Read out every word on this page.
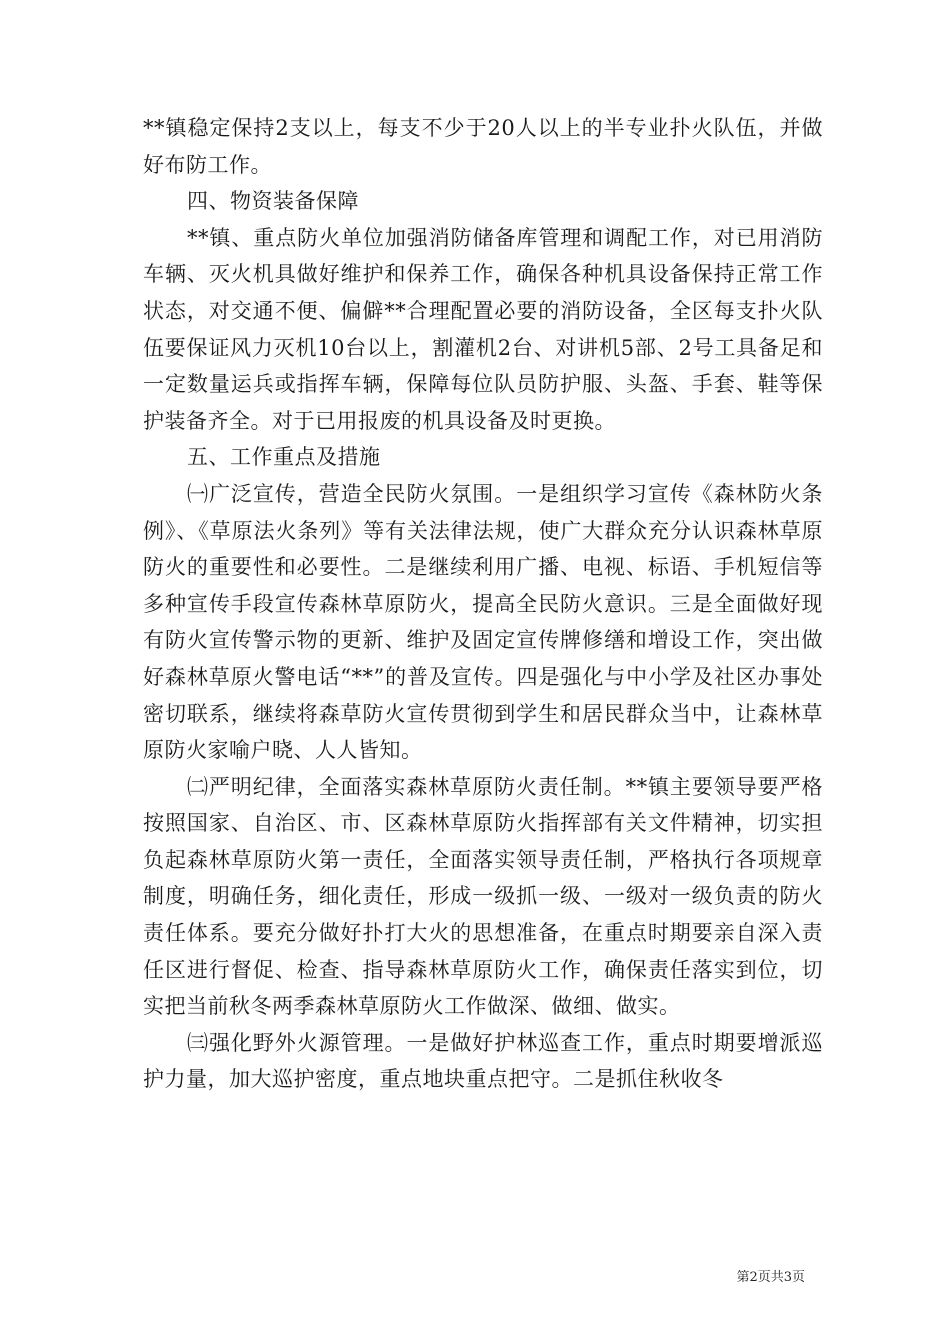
**镇稳定保持2支以上，每支不少于20人以上的半专业扑火队伍，并做好布防工作。

四、物资装备保障

**镇、重点防火单位加强消防储备库管理和调配工作，对已用消防车辆、灭火机具做好维护和保养工作，确保各种机具设备保持正常工作状态，对交通不便、偏僻**合理配置必要的消防设备，全区每支扑火队伍要保证风力灭机10台以上，割灌机2台、对讲机5部、2号工具备足和一定数量运兵或指挥车辆，保障每位队员防护服、头盔、手套、鞋等保护装备齐全。对于已用报废的机具设备及时更换。

五、工作重点及措施

㈠广泛宣传，营造全民防火氛围。一是组织学习宣传《森林防火条例》、《草原法火条列》等有关法律法规，使广大群众充分认识森林草原防火的重要性和必要性。二是继续利用广播、电视、标语、手机短信等多种宣传手段宣传森林草原防火，提高全民防火意识。三是全面做好现有防火宣传警示物的更新、维护及固定宣传牌修缮和增设工作，突出做好森林草原火警电话“**”的普及宣传。四是强化与中小学及社区办事处密切联系，继续将森草防火宣传贯彻到学生和居民群众当中，让森林草原防火家喻户晓、人人皆知。

㈡严明纪律，全面落实森林草原防火责任制。**镇主要领导要严格按照国家、自治区、市、区森林草原防火指挥部有关文件精神，切实担负起森林草原防火第一责任，全面落实领导责任制，严格执行各项规章制度，明确任务，细化责任，形成一级抓一级、一级对一级负责的防火责任体系。要充分做好扑打大火的思想准备，在重点时期要亲自深入责任区进行督促、检查、指导森林草原防火工作，确保责任落实到位，切实把当前秋冬两季森林草原防火工作做深、做细、做实。

㈢强化野外火源管理。一是做好护林巡查工作，重点时期要增派巡护力量，加大巡护密度，重点地块重点把守。二是抓住秋收冬

第2页共3页
